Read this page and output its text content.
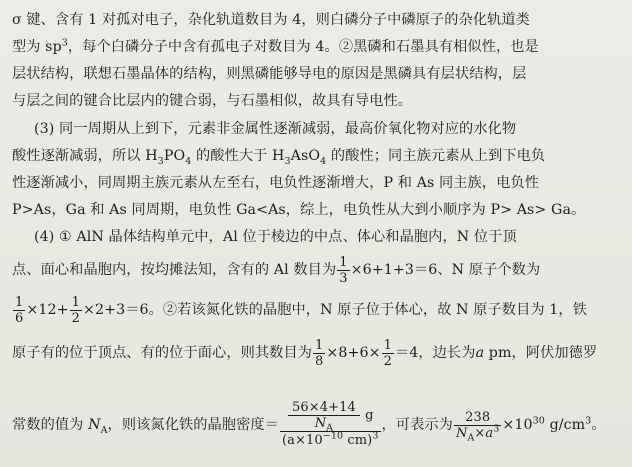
σ 键、含有 1 对孤对电子，杂化轨道数目为 4，则白磷分子中磷原子的杂化轨道类
型为 $sp^3$，每个白磷分子中含有孤电子对数目为 4。②黑磷和石墨具有相似性，也是
层状结构，联想石墨晶体的结构，则黑磷能够导电的原因是黑磷具有层状结构，层
与层之间的键合比层内的键合弱，与石墨相似，故具有导电性。
(3) 同一周期从上到下，元素非金属性逐渐减弱，最高价氧化物对应的水化物
酸性逐渐减弱，所以 $H_3PO_4$ 的酸性大于 $H_3AsO_4$ 的酸性；同主族元素从上到下电负
性逐渐减小，同周期主族元素从左至右，电负性逐渐增大，P 和 As 同主族，电负性
P>As，Ga 和 As 同周期，电负性 Ga<As，综上，电负性从大到小顺序为 P> As> Ga。
(4) ① AlN 晶体结构单元中，Al 位于棱边的中点、体心和晶胞内，N 位于顶
点、面心和晶胞内，按均摊法知，含有的 Al 数目为 $\frac{1}{3} \times 6+1+3=6$、N 原子个数为
$\frac{1}{6} \times 12+ \frac{1}{2} \times 2+3=6$。②若该氮化铁的晶胞中，N 原子位于体心，故 N 原子数目为 1，铁
原子有的位于顶点、有的位于面心，则其数目为 $\frac{1}{8} \times 8+6\times \frac{1}{2} =4$，边长为a pm，阿伏加德罗
常数的值为 $N_A$，则该氮化铁的晶胞密度＝ $\frac{\frac{56\times 4+14}{N_A} g}{(a\times 10^{-10} cm)^3}$ ，可表示为 $\frac{238}{N_A\times a^3} \times 10^{30}$ $g/cm^3$。
